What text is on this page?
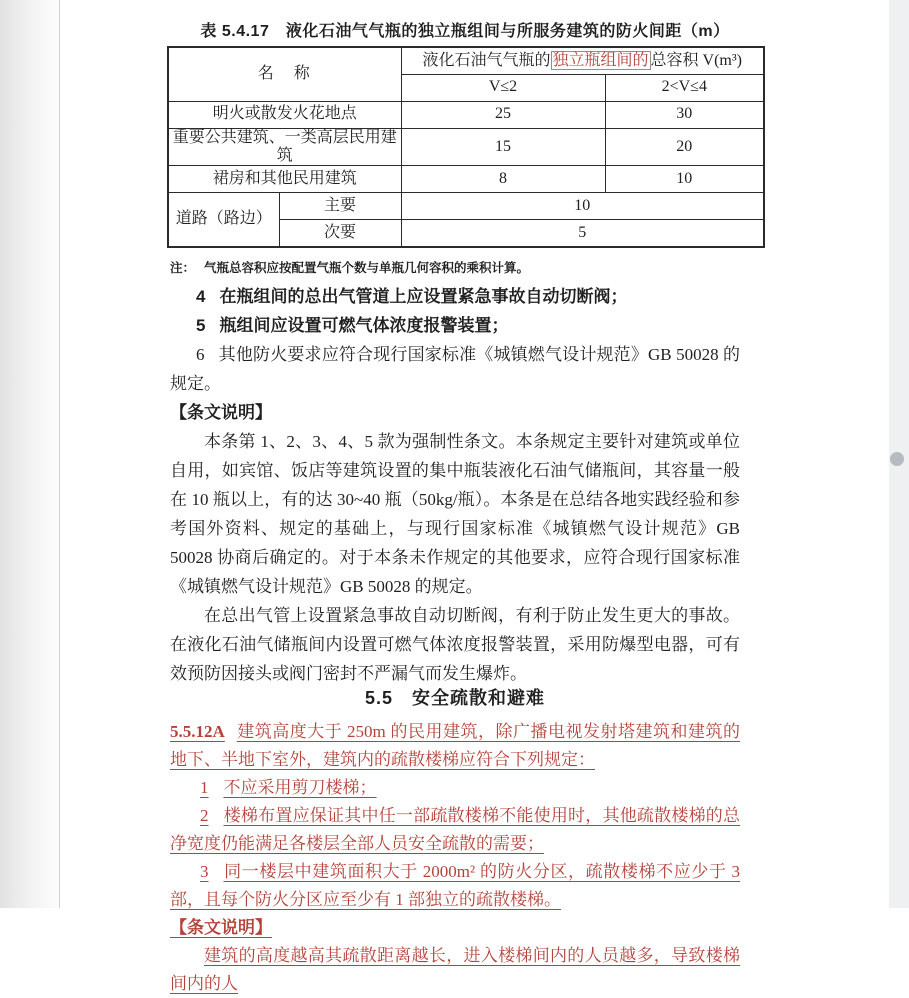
表 5.4.17　液化石油气气瓶的独立瓶组间与所服务建筑的防火间距（m）
名　称		液化石油气气瓶的 独立瓶组间的 总容积 V(m³)	
		V≤2	2<V≤4
明火或散发火花地点		25	30
重要公共建筑、一类高层民用建筑		15	20
裙房和其他民用建筑		8	10
道路（路边）	主要	10	
	次要	5	
注： 气瓶总容积应按配置气瓶个数与单瓶几何容积的乘积计算。
4 在瓶组间的总出气管道上应设置紧急事故自动切断阀；
5 瓶组间应设置可燃气体浓度报警装置；
6 其他防火要求应符合现行国家标准《城镇燃气设计规范》GB 50028 的规定。
【条文说明】
本条第 1、2、3、4、5 款为强制性条文。本条规定主要针对建筑或单位自用，如宾馆、饭店等建筑设置的集中瓶装液化石油气储瓶间，其容量一般在 10 瓶以上，有的达 30~40 瓶（50kg/瓶）。本条是在总结各地实践经验和参考国外资料、规定的基础上，与现行国家标准《城镇燃气设计规范》GB 50028 协商后确定的。对于本条未作规定的其他要求，应符合现行国家标准《城镇燃气设计规范》GB 50028 的规定。
在总出气管上设置紧急事故自动切断阀，有利于防止发生更大的事故。在液化石油气储瓶间内设置可燃气体浓度报警装置，采用防爆型电器，可有效预防因接头或阀门密封不严漏气而发生爆炸。
5.5　安全疏散和避难
5.5.12A 建筑高度大于 250m 的民用建筑，除广播电视发射塔建筑和建筑的地下、半地下室外，建筑内的疏散楼梯应符合下列规定：
1 不应采用剪刀楼梯；
2 楼梯布置应保证其中任一部疏散楼梯不能使用时，其他疏散楼梯的总净宽度仍能满足各楼层全部人员安全疏散的需要；
3 同一楼层中建筑面积大于 2000m² 的防火分区，疏散楼梯不应少于 3 部，且每个防火分区应至少有 1 部独立的疏散楼梯。
【条文说明】
建筑的高度越高其疏散距离越长，进入楼梯间内的人员越多，导致楼梯间内的人
